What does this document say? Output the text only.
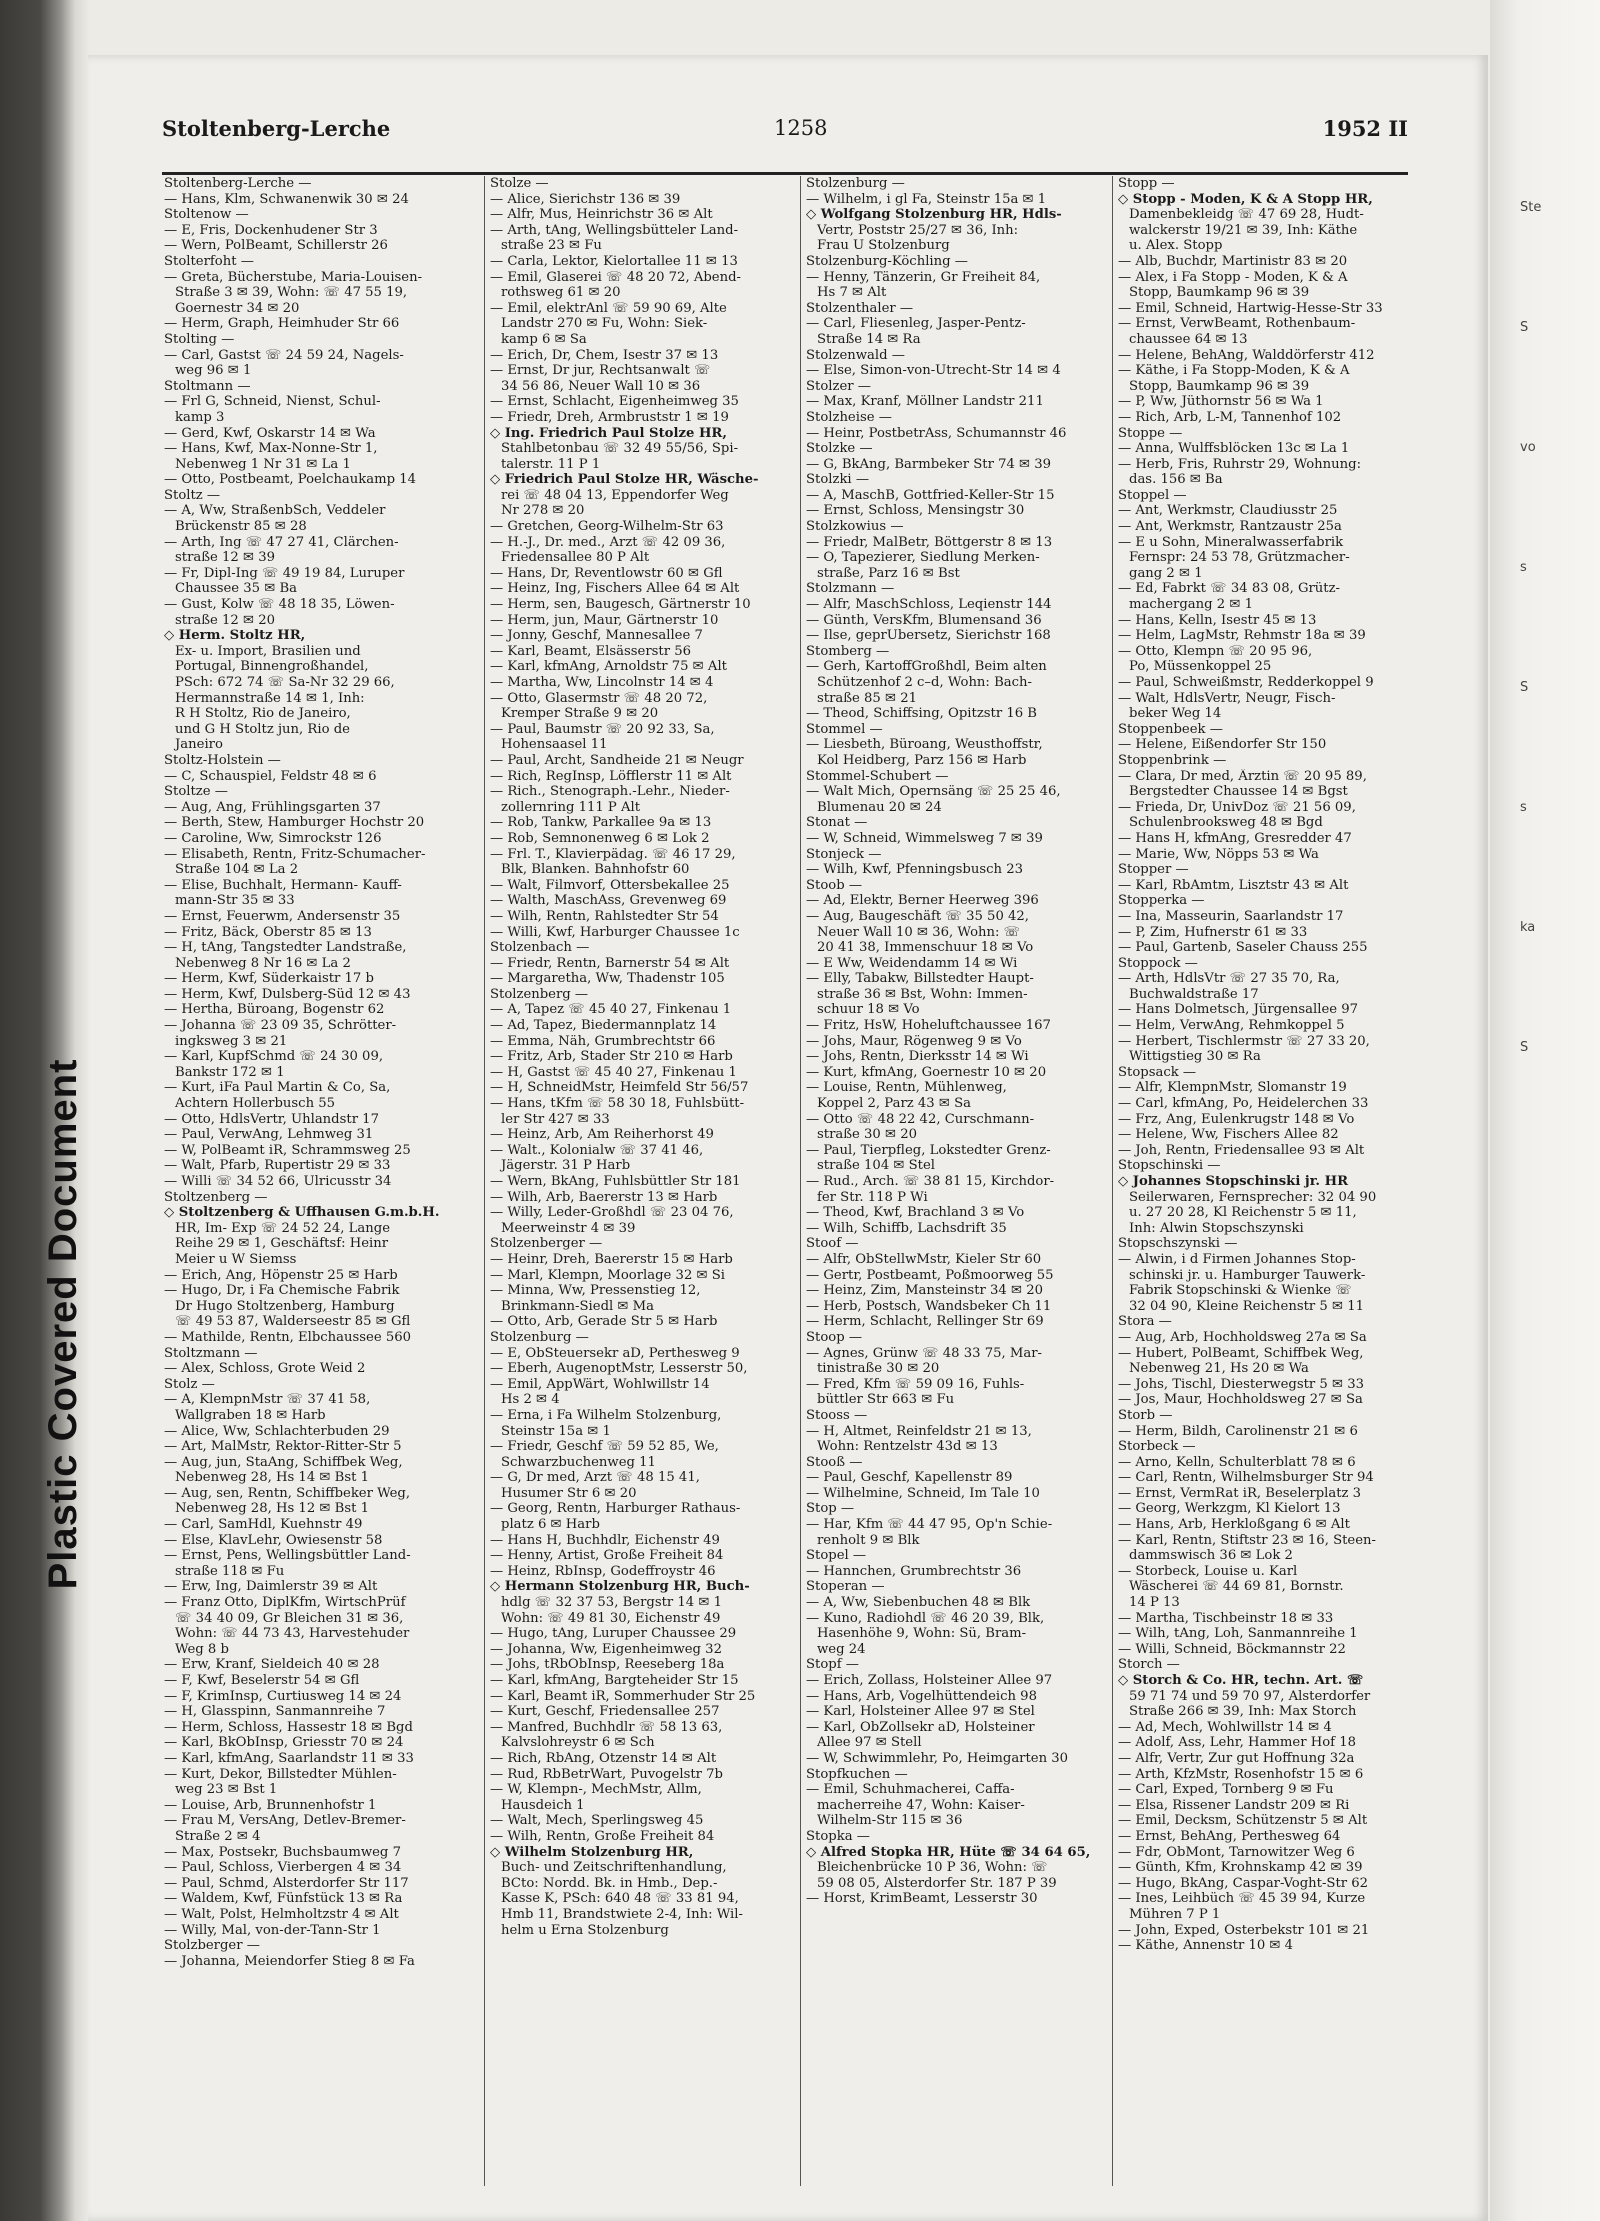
Ste
S
vo
s
S
s
ka
S
Plastic Covered Document
Stoltenberg-Lerche	1258	1952 II
Stoltenberg-Lerche —
— Hans, Klm, Schwanenwik 30 ✉ 24
Stoltenow —
— E, Fris, Dockenhudener Str 3
— Wern, PolBeamt, Schillerstr 26
Stolterfoht —
— Greta, Bücherstube, Maria-Louisen-
Straße 3 ✉ 39, Wohn: ☏ 47 55 19,
Goernestr 34 ✉ 20
— Herm, Graph, Heimhuder Str 66
Stolting —
— Carl, Gastst ☏ 24 59 24, Nagels-
weg 96 ✉ 1
Stoltmann —
— Frl G, Schneid, Nienst, Schul-
kamp 3
— Gerd, Kwf, Oskarstr 14 ✉ Wa
— Hans, Kwf, Max-Nonne-Str 1,
Nebenweg 1 Nr 31 ✉ La 1
— Otto, Postbeamt, Poelchaukamp 14
Stoltz —
— A, Ww, StraßenbSch, Veddeler
Brückenstr 85 ✉ 28
— Arth, Ing ☏ 47 27 41, Clärchen-
straße 12 ✉ 39
— Fr, Dipl-Ing ☏ 49 19 84, Luruper
Chaussee 35 ✉ Ba
— Gust, Kolw ☏ 48 18 35, Löwen-
straße 12 ✉ 20
◇ Herm. Stoltz HR,
Ex- u. Import, Brasilien und
Portugal, Binnengroßhandel,
PSch: 672 74 ☏ Sa-Nr 32 29 66,
Hermannstraße 14 ✉ 1, Inh:
R H Stoltz, Rio de Janeiro,
und G H Stoltz jun, Rio de
Janeiro
Stoltz-Holstein —
— C, Schauspiel, Feldstr 48 ✉ 6
Stoltze —
— Aug, Ang, Frühlingsgarten 37
— Berth, Stew, Hamburger Hochstr 20
— Caroline, Ww, Simrockstr 126
— Elisabeth, Rentn, Fritz-Schumacher-
Straße 104 ✉ La 2
— Elise, Buchhalt, Hermann- Kauff-
mann-Str 35 ✉ 33
— Ernst, Feuerwm, Andersenstr 35
— Fritz, Bäck, Oberstr 85 ✉ 13
— H, tAng, Tangstedter Landstraße,
Nebenweg 8 Nr 16 ✉ La 2
— Herm, Kwf, Süderkaistr 17 b
— Herm, Kwf, Dulsberg-Süd 12 ✉ 43
— Hertha, Büroang, Bogenstr 62
— Johanna ☏ 23 09 35, Schrötter-
ingksweg 3 ✉ 21
— Karl, KupfSchmd ☏ 24 30 09,
Bankstr 172 ✉ 1
— Kurt, iFa Paul Martin & Co, Sa,
Achtern Hollerbusch 55
— Otto, HdlsVertr, Uhlandstr 17
— Paul, VerwAng, Lehmweg 31
— W, PolBeamt iR, Schrammsweg 25
— Walt, Pfarb, Rupertistr 29 ✉ 33
— Willi ☏ 34 52 66, Ulricusstr 34
Stoltzenberg —
◇ Stoltzenberg & Uffhausen G.m.b.H.
HR, Im- Exp ☏ 24 52 24, Lange
Reihe 29 ✉ 1, Geschäftsf: Heinr
Meier u W Siemss
— Erich, Ang, Höpenstr 25 ✉ Harb
— Hugo, Dr, i Fa Chemische Fabrik
Dr Hugo Stoltzenberg, Hamburg
☏ 49 53 87, Walderseestr 85 ✉ Gfl
— Mathilde, Rentn, Elbchaussee 560
Stoltzmann —
— Alex, Schloss, Grote Weid 2
Stolz —
— A, KlempnMstr ☏ 37 41 58,
Wallgraben 18 ✉ Harb
— Alice, Ww, Schlachterbuden 29
— Art, MalMstr, Rektor-Ritter-Str 5
— Aug, jun, StaAng, Schiffbek Weg,
Nebenweg 28, Hs 14 ✉ Bst 1
— Aug, sen, Rentn, Schiffbeker Weg,
Nebenweg 28, Hs 12 ✉ Bst 1
— Carl, SamHdl, Kuehnstr 49
— Else, KlavLehr, Owiesenstr 58
— Ernst, Pens, Wellingsbüttler Land-
straße 118 ✉ Fu
— Erw, Ing, Daimlerstr 39 ✉ Alt
— Franz Otto, DiplKfm, WirtschPrüf
☏ 34 40 09, Gr Bleichen 31 ✉ 36,
Wohn: ☏ 44 73 43, Harvestehuder
Weg 8 b
— Erw, Kranf, Sieldeich 40 ✉ 28
— F, Kwf, Beselerstr 54 ✉ Gfl
— F, KrimInsp, Curtiusweg 14 ✉ 24
— H, Glasspinn, Sanmannreihe 7
— Herm, Schloss, Hassestr 18 ✉ Bgd
— Karl, BkObInsp, Griesstr 70 ✉ 24
— Karl, kfmAng, Saarlandstr 11 ✉ 33
— Kurt, Dekor, Billstedter Mühlen-
weg 23 ✉ Bst 1
— Louise, Arb, Brunnenhofstr 1
— Frau M, VersAng, Detlev-Bremer-
Straße 2 ✉ 4
— Max, Postsekr, Buchsbaumweg 7
— Paul, Schloss, Vierbergen 4 ✉ 34
— Paul, Schmd, Alsterdorfer Str 117
— Waldem, Kwf, Fünfstück 13 ✉ Ra
— Walt, Polst, Helmholtzstr 4 ✉ Alt
— Willy, Mal, von-der-Tann-Str 1
Stolzberger —
— Johanna, Meiendorfer Stieg 8 ✉ Fa
Stolze —
— Alice, Sierichstr 136 ✉ 39
— Alfr, Mus, Heinrichstr 36 ✉ Alt
— Arth, tAng, Wellingsbütteler Land-
straße 23 ✉ Fu
— Carla, Lektor, Kielortallee 11 ✉ 13
— Emil, Glaserei ☏ 48 20 72, Abend-
rothsweg 61 ✉ 20
— Emil, elektrAnl ☏ 59 90 69, Alte
Landstr 270 ✉ Fu, Wohn: Siek-
kamp 6 ✉ Sa
— Erich, Dr, Chem, Isestr 37 ✉ 13
— Ernst, Dr jur, Rechtsanwalt ☏
34 56 86, Neuer Wall 10 ✉ 36
— Ernst, Schlacht, Eigenheimweg 35
— Friedr, Dreh, Armbruststr 1 ✉ 19
◇ Ing. Friedrich Paul Stolze HR,
Stahlbetonbau ☏ 32 49 55/56, Spi-
talerstr. 11 P 1
◇ Friedrich Paul Stolze HR, Wäsche-
rei ☏ 48 04 13, Eppendorfer Weg
Nr 278 ✉ 20
— Gretchen, Georg-Wilhelm-Str 63
— H.-J., Dr. med., Arzt ☏ 42 09 36,
Friedensallee 80 P Alt
— Hans, Dr, Reventlowstr 60 ✉ Gfl
— Heinz, Ing, Fischers Allee 64 ✉ Alt
— Herm, sen, Baugesch, Gärtnerstr 10
— Herm, jun, Maur, Gärtnerstr 10
— Jonny, Geschf, Mannesallee 7
— Karl, Beamt, Elsässerstr 56
— Karl, kfmAng, Arnoldstr 75 ✉ Alt
— Martha, Ww, Lincolnstr 14 ✉ 4
— Otto, Glasermstr ☏ 48 20 72,
Kremper Straße 9 ✉ 20
— Paul, Baumstr ☏ 20 92 33, Sa,
Hohensaasel 11
— Paul, Archt, Sandheide 21 ✉ Neugr
— Rich, RegInsp, Löfflerstr 11 ✉ Alt
— Rich., Stenograph.-Lehr., Nieder-
zollernring 111 P Alt
— Rob, Tankw, Parkallee 9a ✉ 13
— Rob, Semnonenweg 6 ✉ Lok 2
— Frl. T., Klavierpädag. ☏ 46 17 29,
Blk, Blanken. Bahnhofstr 60
— Walt, Filmvorf, Ottersbekallee 25
— Walth, MaschAss, Grevenweg 69
— Wilh, Rentn, Rahlstedter Str 54
— Willi, Kwf, Harburger Chaussee 1c
Stolzenbach —
— Friedr, Rentn, Barnerstr 54 ✉ Alt
— Margaretha, Ww, Thadenstr 105
Stolzenberg —
— A, Tapez ☏ 45 40 27, Finkenau 1
— Ad, Tapez, Biedermannplatz 14
— Emma, Näh, Grumbrechtstr 66
— Fritz, Arb, Stader Str 210 ✉ Harb
— H, Gastst ☏ 45 40 27, Finkenau 1
— H, SchneidMstr, Heimfeld Str 56/57
— Hans, tKfm ☏ 58 30 18, Fuhlsbütt-
ler Str 427 ✉ 33
— Heinz, Arb, Am Reiherhorst 49
— Walt., Kolonialw ☏ 37 41 46,
Jägerstr. 31 P Harb
— Wern, BkAng, Fuhlsbüttler Str 181
— Wilh, Arb, Baererstr 13 ✉ Harb
— Willy, Leder-Großhdl ☏ 23 04 76,
Meerweinstr 4 ✉ 39
Stolzenberger —
— Heinr, Dreh, Baererstr 15 ✉ Harb
— Marl, Klempn, Moorlage 32 ✉ Si
— Minna, Ww, Pressenstieg 12,
Brinkmann-Siedl ✉ Ma
— Otto, Arb, Gerade Str 5 ✉ Harb
Stolzenburg —
— E, ObSteuersekr aD, Perthesweg 9
— Eberh, AugenoptMstr, Lesserstr 50,
— Emil, AppWärt, Wohlwillstr 14
Hs 2 ✉ 4
— Erna, i Fa Wilhelm Stolzenburg,
Steinstr 15a ✉ 1
— Friedr, Geschf ☏ 59 52 85, We,
Schwarzbuchenweg 11
— G, Dr med, Arzt ☏ 48 15 41,
Husumer Str 6 ✉ 20
— Georg, Rentn, Harburger Rathaus-
platz 6 ✉ Harb
— Hans H, Buchhdlr, Eichenstr 49
— Henny, Artist, Große Freiheit 84
— Heinz, RbInsp, Godeffroystr 46
◇ Hermann Stolzenburg HR, Buch-
hdlg ☏ 32 37 53, Bergstr 14 ✉ 1
Wohn: ☏ 49 81 30, Eichenstr 49
— Hugo, tAng, Luruper Chaussee 29
— Johanna, Ww, Eigenheimweg 32
— Johs, tRbObInsp, Reeseberg 18a
— Karl, kfmAng, Bargteheider Str 15
— Karl, Beamt iR, Sommerhuder Str 25
— Kurt, Geschf, Friedensallee 257
— Manfred, Buchhdlr ☏ 58 13 63,
Kalvslohreystr 6 ✉ Sch
— Rich, RbAng, Otzenstr 14 ✉ Alt
— Rud, RbBetrWart, Puvogelstr 7b
— W, Klempn-, MechMstr, Allm,
Hausdeich 1
— Walt, Mech, Sperlingsweg 45
— Wilh, Rentn, Große Freiheit 84
◇ Wilhelm Stolzenburg HR,
Buch- und Zeitschriftenhandlung,
BCto: Nordd. Bk. in Hmb., Dep.-
Kasse K, PSch: 640 48 ☏ 33 81 94,
Hmb 11, Brandstwiete 2-4, Inh: Wil-
helm u Erna Stolzenburg
Stolzenburg —
— Wilhelm, i gl Fa, Steinstr 15a ✉ 1
◇ Wolfgang Stolzenburg HR, Hdls-
Vertr, Poststr 25/27 ✉ 36, Inh:
Frau U Stolzenburg
Stolzenburg-Köchling —
— Henny, Tänzerin, Gr Freiheit 84,
Hs 7 ✉ Alt
Stolzenthaler —
— Carl, Fliesenleg, Jasper-Pentz-
Straße 14 ✉ Ra
Stolzenwald —
— Else, Simon-von-Utrecht-Str 14 ✉ 4
Stolzer —
— Max, Kranf, Möllner Landstr 211
Stolzheise —
— Heinr, PostbetrAss, Schumannstr 46
Stolzke —
— G, BkAng, Barmbeker Str 74 ✉ 39
Stolzki —
— A, MaschB, Gottfried-Keller-Str 15
— Ernst, Schloss, Mensingstr 30
Stolzkowius —
— Friedr, MalBetr, Böttgerstr 8 ✉ 13
— O, Tapezierer, Siedlung Merken-
straße, Parz 16 ✉ Bst
Stolzmann —
— Alfr, MaschSchloss, Leqienstr 144
— Günth, VersKfm, Blumensand 36
— Ilse, geprÜbersetz, Sierichstr 168
Stomberg —
— Gerh, KartoffGroßhdl, Beim alten
Schützenhof 2 c–d, Wohn: Bach-
straße 85 ✉ 21
— Theod, Schiffsing, Opitzstr 16 B
Stommel —
— Liesbeth, Büroang, Weusthoffstr,
Kol Heidberg, Parz 156 ✉ Harb
Stommel-Schubert —
— Walt Mich, Opernsäng ☏ 25 25 46,
Blumenau 20 ✉ 24
Stonat —
— W, Schneid, Wimmelsweg 7 ✉ 39
Stonjeck —
— Wilh, Kwf, Pfenningsbusch 23
Stoob —
— Ad, Elektr, Berner Heerweg 396
— Aug, Baugeschäft ☏ 35 50 42,
Neuer Wall 10 ✉ 36, Wohn: ☏
20 41 38, Immenschuur 18 ✉ Vo
— E Ww, Weidendamm 14 ✉ Wi
— Elly, Tabakw, Billstedter Haupt-
straße 36 ✉ Bst, Wohn: Immen-
schuur 18 ✉ Vo
— Fritz, HsW, Hoheluftchaussee 167
— Johs, Maur, Rögenweg 9 ✉ Vo
— Johs, Rentn, Dierksstr 14 ✉ Wi
— Kurt, kfmAng, Goernestr 10 ✉ 20
— Louise, Rentn, Mühlenweg,
Koppel 2, Parz 43 ✉ Sa
— Otto ☏ 48 22 42, Curschmann-
straße 30 ✉ 20
— Paul, Tierpfleg, Lokstedter Grenz-
straße 104 ✉ Stel
— Rud., Arch. ☏ 38 81 15, Kirchdor-
fer Str. 118 P Wi
— Theod, Kwf, Brachland 3 ✉ Vo
— Wilh, Schiffb, Lachsdrift 35
Stoof —
— Alfr, ObStellwMstr, Kieler Str 60
— Gertr, Postbeamt, Poßmoorweg 55
— Heinz, Zim, Mansteinstr 34 ✉ 20
— Herb, Postsch, Wandsbeker Ch 11
— Herm, Schlacht, Rellinger Str 69
Stoop —
— Agnes, Grünw ☏ 48 33 75, Mar-
tinistraße 30 ✉ 20
— Fred, Kfm ☏ 59 09 16, Fuhls-
büttler Str 663 ✉ Fu
Stooss —
— H, Altmet, Reinfeldstr 21 ✉ 13,
Wohn: Rentzelstr 43d ✉ 13
Stooß —
— Paul, Geschf, Kapellenstr 89
— Wilhelmine, Schneid, Im Tale 10
Stop —
— Har, Kfm ☏ 44 47 95, Op'n Schie-
renholt 9 ✉ Blk
Stopel —
— Hannchen, Grumbrechtstr 36
Stoperan —
— A, Ww, Siebenbuchen 48 ✉ Blk
— Kuno, Radiohdl ☏ 46 20 39, Blk,
Hasenhöhe 9, Wohn: Sü, Bram-
weg 24
Stopf —
— Erich, Zollass, Holsteiner Allee 97
— Hans, Arb, Vogelhüttendeich 98
— Karl, Holsteiner Allee 97 ✉ Stel
— Karl, ObZollsekr aD, Holsteiner
Allee 97 ✉ Stell
— W, Schwimmlehr, Po, Heimgarten 30
Stopfkuchen —
— Emil, Schuhmacherei, Caffa-
macherreihe 47, Wohn: Kaiser-
Wilhelm-Str 115 ✉ 36
Stopka —
◇ Alfred Stopka HR, Hüte ☏ 34 64 65,
Bleichenbrücke 10 P 36, Wohn: ☏
59 08 05, Alsterdorfer Str. 187 P 39
— Horst, KrimBeamt, Lesserstr 30
Stopp —
◇ Stopp - Moden, K & A Stopp HR,
Damenbekleidg ☏ 47 69 28, Hudt-
walckerstr 19/21 ✉ 39, Inh: Käthe
u. Alex. Stopp
— Alb, Buchdr, Martinistr 83 ✉ 20
— Alex, i Fa Stopp - Moden, K & A
Stopp, Baumkamp 96 ✉ 39
— Emil, Schneid, Hartwig-Hesse-Str 33
— Ernst, VerwBeamt, Rothenbaum-
chaussee 64 ✉ 13
— Helene, BehAng, Walddörferstr 412
— Käthe, i Fa Stopp-Moden, K & A
Stopp, Baumkamp 96 ✉ 39
— P, Ww, Jüthornstr 56 ✉ Wa 1
— Rich, Arb, L-M, Tannenhof 102
Stoppe —
— Anna, Wulffsblöcken 13c ✉ La 1
— Herb, Fris, Ruhrstr 29, Wohnung:
das. 156 ✉ Ba
Stoppel —
— Ant, Werkmstr, Claudiusstr 25
— Ant, Werkmstr, Rantzaustr 25a
— E u Sohn, Mineralwasserfabrik
Fernspr: 24 53 78, Grützmacher-
gang 2 ✉ 1
— Ed, Fabrkt ☏ 34 83 08, Grütz-
machergang 2 ✉ 1
— Hans, Kelln, Isestr 45 ✉ 13
— Helm, LagMstr, Rehmstr 18a ✉ 39
— Otto, Klempn ☏ 20 95 96,
Po, Müssenkoppel 25
— Paul, Schweißmstr, Redderkoppel 9
— Walt, HdlsVertr, Neugr, Fisch-
beker Weg 14
Stoppenbeek —
— Helene, Eißendorfer Str 150
Stoppenbrink —
— Clara, Dr med, Ärztin ☏ 20 95 89,
Bergstedter Chaussee 14 ✉ Bgst
— Frieda, Dr, UnivDoz ☏ 21 56 09,
Schulenbrooksweg 48 ✉ Bgd
— Hans H, kfmAng, Gresredder 47
— Marie, Ww, Nöpps 53 ✉ Wa
Stopper —
— Karl, RbAmtm, Lisztstr 43 ✉ Alt
Stopperka —
— Ina, Masseurin, Saarlandstr 17
— P, Zim, Hufnerstr 61 ✉ 33
— Paul, Gartenb, Saseler Chauss 255
Stoppock —
— Arth, HdlsVtr ☏ 27 35 70, Ra,
Buchwaldstraße 17
— Hans Dolmetsch, Jürgensallee 97
— Helm, VerwAng, Rehmkoppel 5
— Herbert, Tischlermstr ☏ 27 33 20,
Wittigstieg 30 ✉ Ra
Stopsack —
— Alfr, KlempnMstr, Slomanstr 19
— Carl, kfmAng, Po, Heidelerchen 33
— Frz, Ang, Eulenkrugstr 148 ✉ Vo
— Helene, Ww, Fischers Allee 82
— Joh, Rentn, Friedensallee 93 ✉ Alt
Stopschinski —
◇ Johannes Stopschinski jr. HR
Seilerwaren, Fernsprecher: 32 04 90
u. 27 20 28, Kl Reichenstr 5 ✉ 11,
Inh: Alwin Stopschszynski
Stopschszynski —
— Alwin, i d Firmen Johannes Stop-
schinski jr. u. Hamburger Tauwerk-
Fabrik Stopschinski & Wienke ☏
32 04 90, Kleine Reichenstr 5 ✉ 11
Stora —
— Aug, Arb, Hochholdsweg 27a ✉ Sa
— Hubert, PolBeamt, Schiffbek Weg,
Nebenweg 21, Hs 20 ✉ Wa
— Johs, Tischl, Diesterwegstr 5 ✉ 33
— Jos, Maur, Hochholdsweg 27 ✉ Sa
Storb —
— Herm, Bildh, Carolinenstr 21 ✉ 6
Storbeck —
— Arno, Kelln, Schulterblatt 78 ✉ 6
— Carl, Rentn, Wilhelmsburger Str 94
— Ernst, VermRat iR, Beselerplatz 3
— Georg, Werkzgm, Kl Kielort 13
— Hans, Arb, Herkloßgang 6 ✉ Alt
— Karl, Rentn, Stiftstr 23 ✉ 16, Steen-
dammswisch 36 ✉ Lok 2
— Storbeck, Louise u. Karl
Wäscherei ☏ 44 69 81, Bornstr.
14 P 13
— Martha, Tischbeinstr 18 ✉ 33
— Wilh, tAng, Loh, Sanmannreihe 1
— Willi, Schneid, Böckmannstr 22
Storch —
◇ Storch & Co. HR, techn. Art. ☏
59 71 74 und 59 70 97, Alsterdorfer
Straße 266 ✉ 39, Inh: Max Storch
— Ad, Mech, Wohlwillstr 14 ✉ 4
— Adolf, Ass, Lehr, Hammer Hof 18
— Alfr, Vertr, Zur gut Hoffnung 32a
— Arth, KfzMstr, Rosenhofstr 15 ✉ 6
— Carl, Exped, Tornberg 9 ✉ Fu
— Elsa, Rissener Landstr 209 ✉ Ri
— Emil, Decksm, Schützenstr 5 ✉ Alt
— Ernst, BehAng, Perthesweg 64
— Fdr, ObMont, Tarnowitzer Weg 6
— Günth, Kfm, Krohnskamp 42 ✉ 39
— Hugo, BkAng, Caspar-Voght-Str 62
— Ines, Leihbüch ☏ 45 39 94, Kurze
Mühren 7 P 1
— John, Exped, Osterbekstr 101 ✉ 21
— Käthe, Annenstr 10 ✉ 4
